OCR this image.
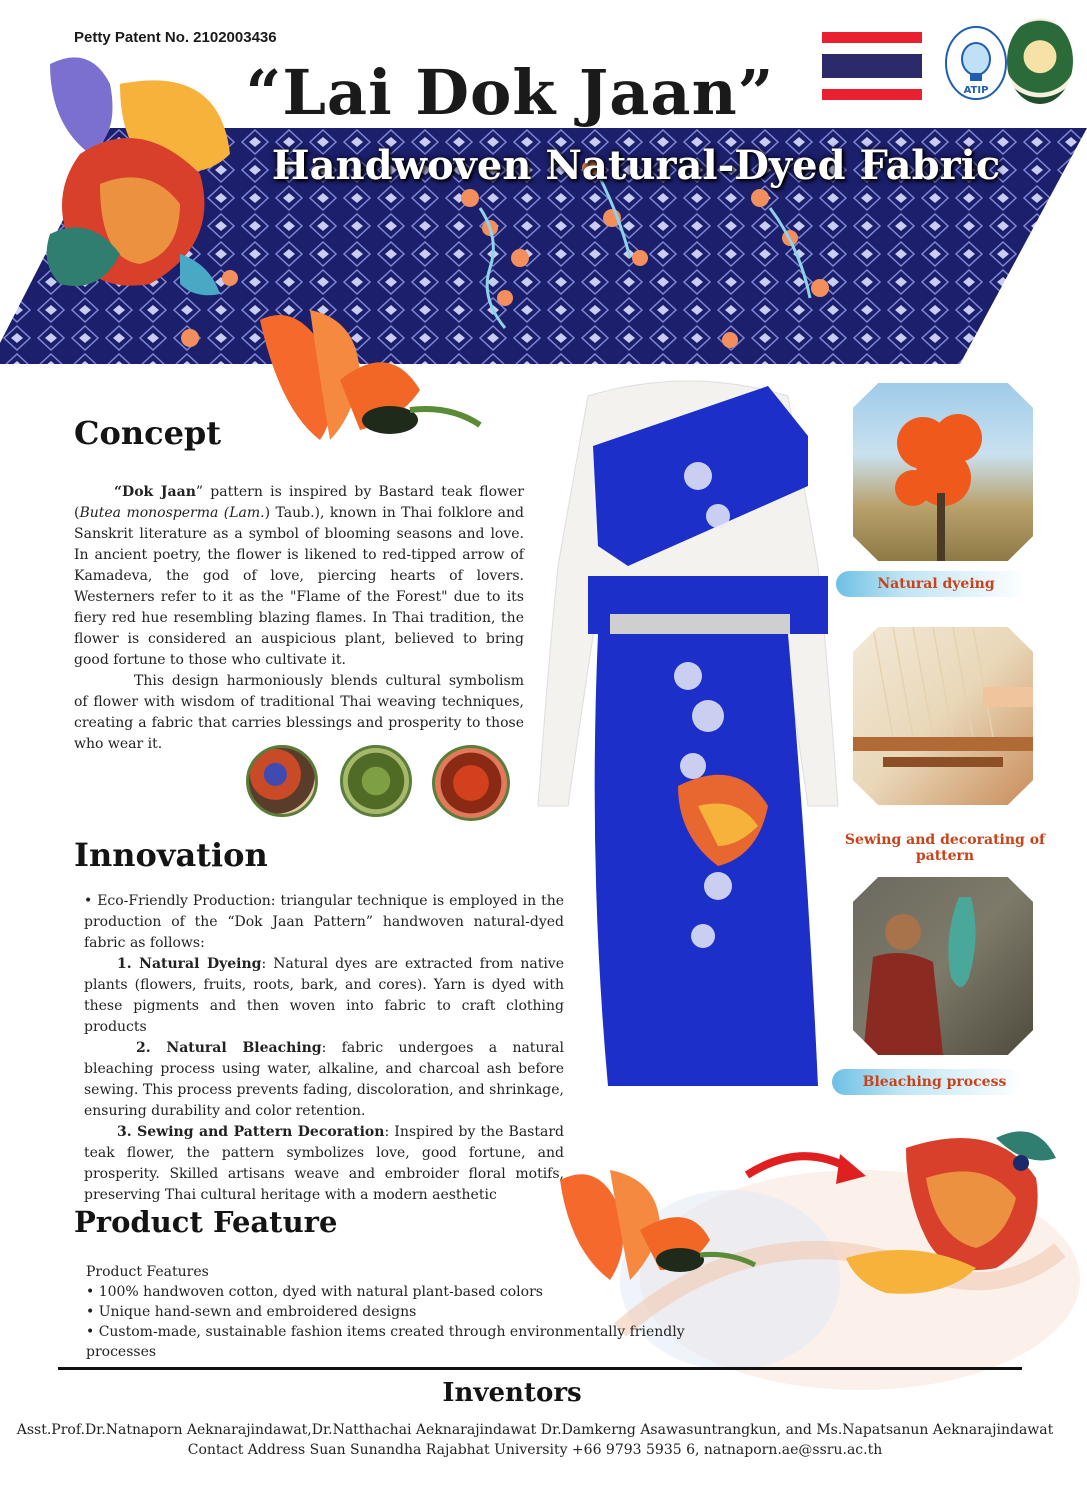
Petty Patent No. 2102003436
“Lai Dok Jaan”
Handwoven Natural-Dyed Fabric
ATIP
Concept

“Dok Jaan” pattern is inspired by Bastard teak flower (Butea monosperma (Lam.) Taub.), known in Thai folklore and Sanskrit literature as a symbol of blooming seasons and love. In ancient poetry, the flower is likened to red-tipped arrow of Kamadeva, the god of love, piercing hearts of lovers. Westerners refer to it as the "Flame of the Forest" due to its fiery red hue resembling blazing flames. In Thai tradition, the flower is considered an auspicious plant, believed to bring good fortune to those who cultivate it.

This design harmoniously blends cultural symbolism of flower with wisdom of traditional Thai weaving techniques, creating a fabric that carries blessings and prosperity to those who wear it.

Innovation

• Eco-Friendly Production: triangular technique is employed in the production of the “Dok Jaan Pattern” handwoven natural-dyed fabric as follows:

1. Natural Dyeing: Natural dyes are extracted from native plants (flowers, fruits, roots, bark, and cores). Yarn is dyed with these pigments and then woven into fabric to craft clothing products

2. Natural Bleaching: fabric undergoes a natural bleaching process using water, alkaline, and charcoal ash before sewing. This process prevents fading, discoloration, and shrinkage, ensuring durability and color retention.

3. Sewing and Pattern Decoration: Inspired by the Bastard teak flower, the pattern symbolizes love, good fortune, and prosperity. Skilled artisans weave and embroider floral motifs, preserving Thai cultural heritage with a modern aesthetic

Product Feature
Product Features
• 100% handwoven cotton, dyed with natural plant-based colors
• Unique hand-sewn and embroidered designs
• Custom-made, sustainable fashion items created through environmentally friendly processes
Natural dyeing
Sewing and decorating of pattern
Bleaching process
Inventors
Asst.Prof.Dr.Natnaporn Aeknarajindawat,Dr.Natthachai Aeknarajindawat Dr.Damkerng Asawasuntrangkun, and Ms.Napatsanun Aeknarajindawat
Contact Address Suan Sunandha Rajabhat University +66 9793 5935 6, natnaporn.ae@ssru.ac.th
